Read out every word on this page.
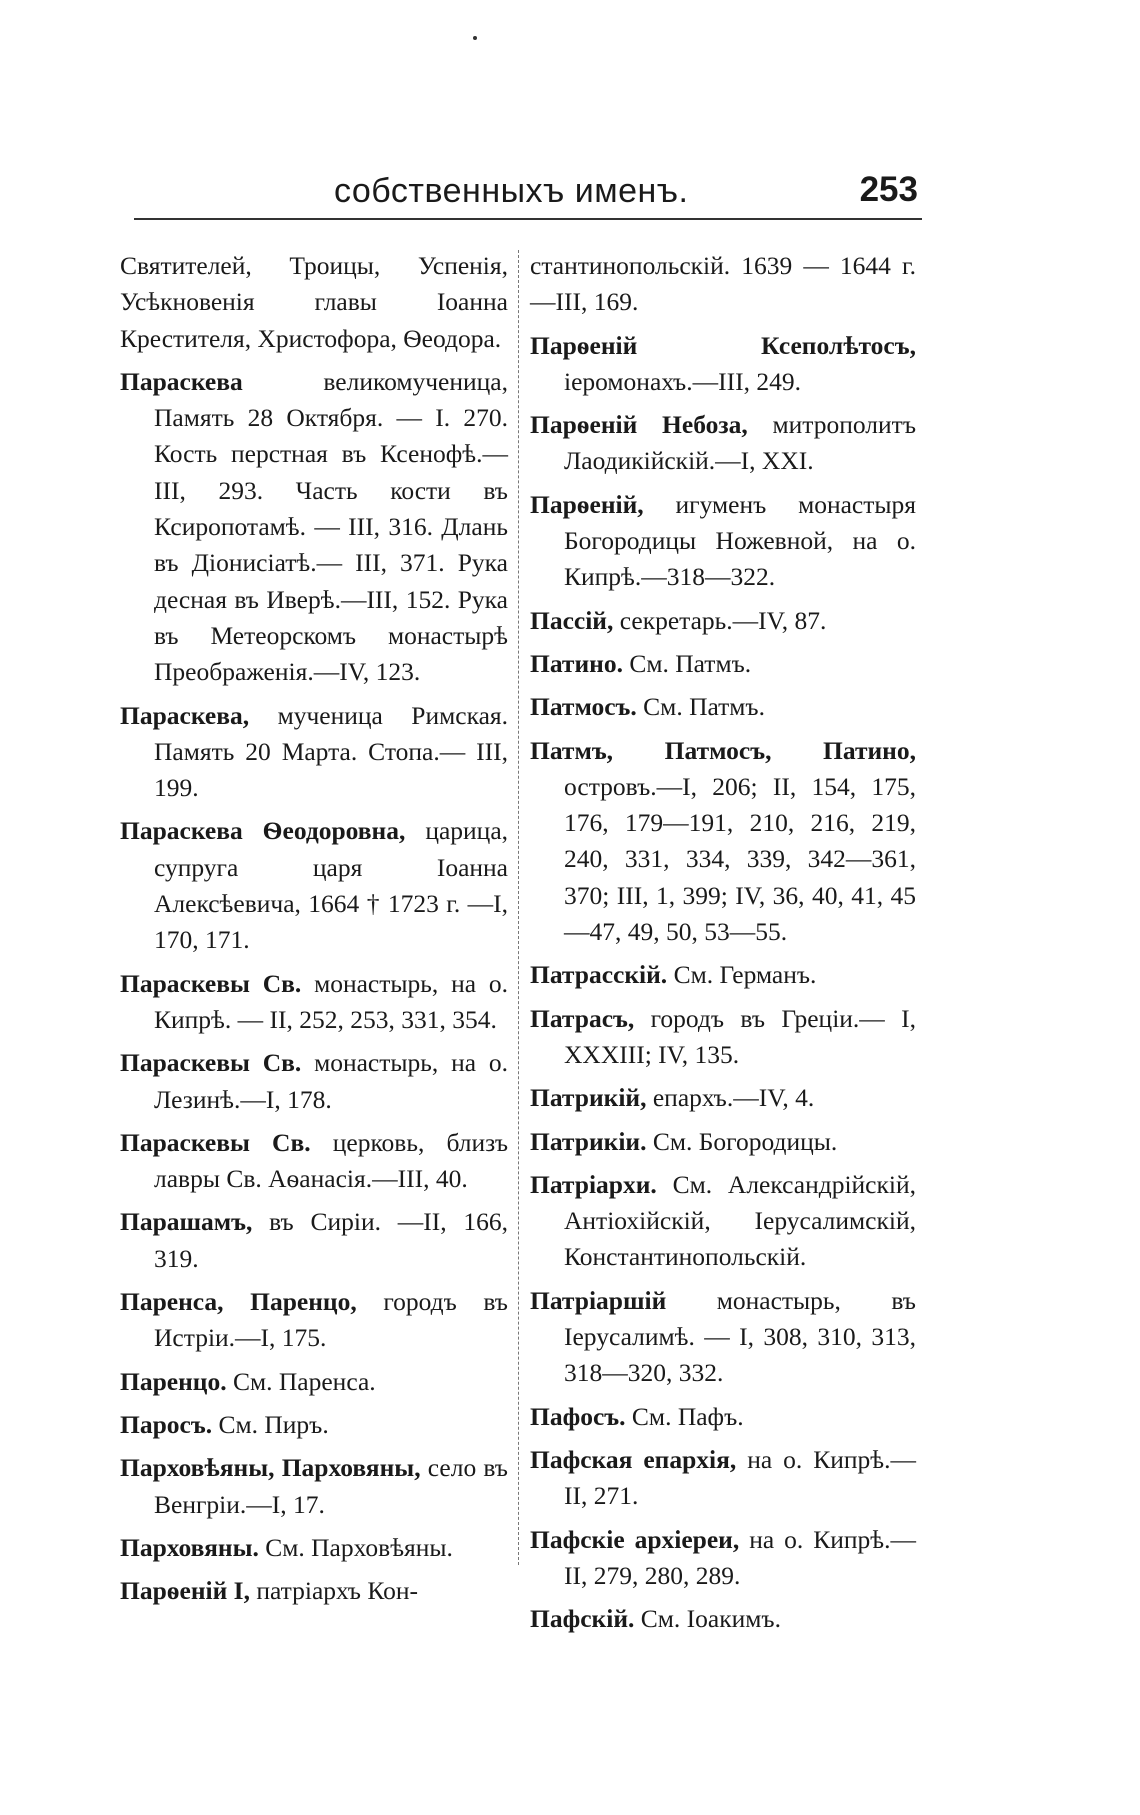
собственныхъ именъ.	253

Святителей, Троицы, Успенія, Усѣкновенія главы Іоанна Крестителя, Христофора, Ѳеодора.

Параскева	великомученица, Память 28 Октября. — I. 270. Кость перстная въ Ксенофѣ.—III, 293. Часть кости въ Ксиропотамѣ. — III, 316. Длань въ Діонисіатѣ.— III, 371. Рука десная въ Иверѣ.—III, 152. Рука въ Метеорскомъ монастырѣ Преображенія.—IV, 123.

Параскева, мученица Римская. Память 20 Марта. Стопа.— III, 199.

Параскева Ѳеодоровна, царица, супруга царя Іоанна Алексѣевича, 1664 † 1723 г. —I, 170, 171.

Параскевы Св. монастырь, на о. Кипрѣ. — II, 252, 253, 331, 354.

Параскевы Св. монастырь, на о. Лезинѣ.—I, 178.

Параскевы Св. церковь, близъ лавры Св. Аѳанасія.—III, 40.

Парашамъ, въ Сиріи. —II, 166, 319.

Паренса, Паренцо, городъ въ Истріи.—I, 175.

Паренцо. См. Паренса.

Паросъ. См. Пиръ.

Парховѣяны, Парховяны, село въ Венгріи.—I, 17.

Парховяны. См. Парховѣяны.

Парѳеній I, патріархъ Кон-

стантинопольскій. 1639 — 1644 г.—III, 169.

Парѳеній Ксеполѣтосъ, іеромонахъ.—III, 249.

Парѳеній Небоза, митрополитъ Лаодикійскій.—I, XXI.

Парѳеній, игуменъ монастыря Богородицы Ножевной, на о. Кипрѣ.—318—322.

Пассій, секретарь.—IV, 87.

Патино. См. Патмъ.

Патмосъ. См. Патмъ.

Патмъ, Патмосъ, Патино, островъ.—I, 206; II, 154, 175, 176, 179—191, 210, 216, 219, 240, 331, 334, 339, 342—361, 370; III, 1, 399; IV, 36, 40, 41, 45—47, 49, 50, 53—55.

Патрасскій. См. Германъ.

Патрасъ, городъ въ Греціи.— I, XXXIII; IV, 135.

Патрикій, епархъ.—IV, 4.

Патрикіи. См. Богородицы.

Патріархи. См. Александрійскій, Антіохійскій, Іерусалимскій, Константинопольскій.

Патріаршій монастырь, въ Іерусалимѣ. — I, 308, 310, 313, 318—320, 332.

Пафосъ. См. Пафъ.

Пафская епархія, на о. Кипрѣ.—II, 271.

Пафскіе архіереи, на о. Кипрѣ.—II, 279, 280, 289.

Пафскій. См. Іоакимъ.
